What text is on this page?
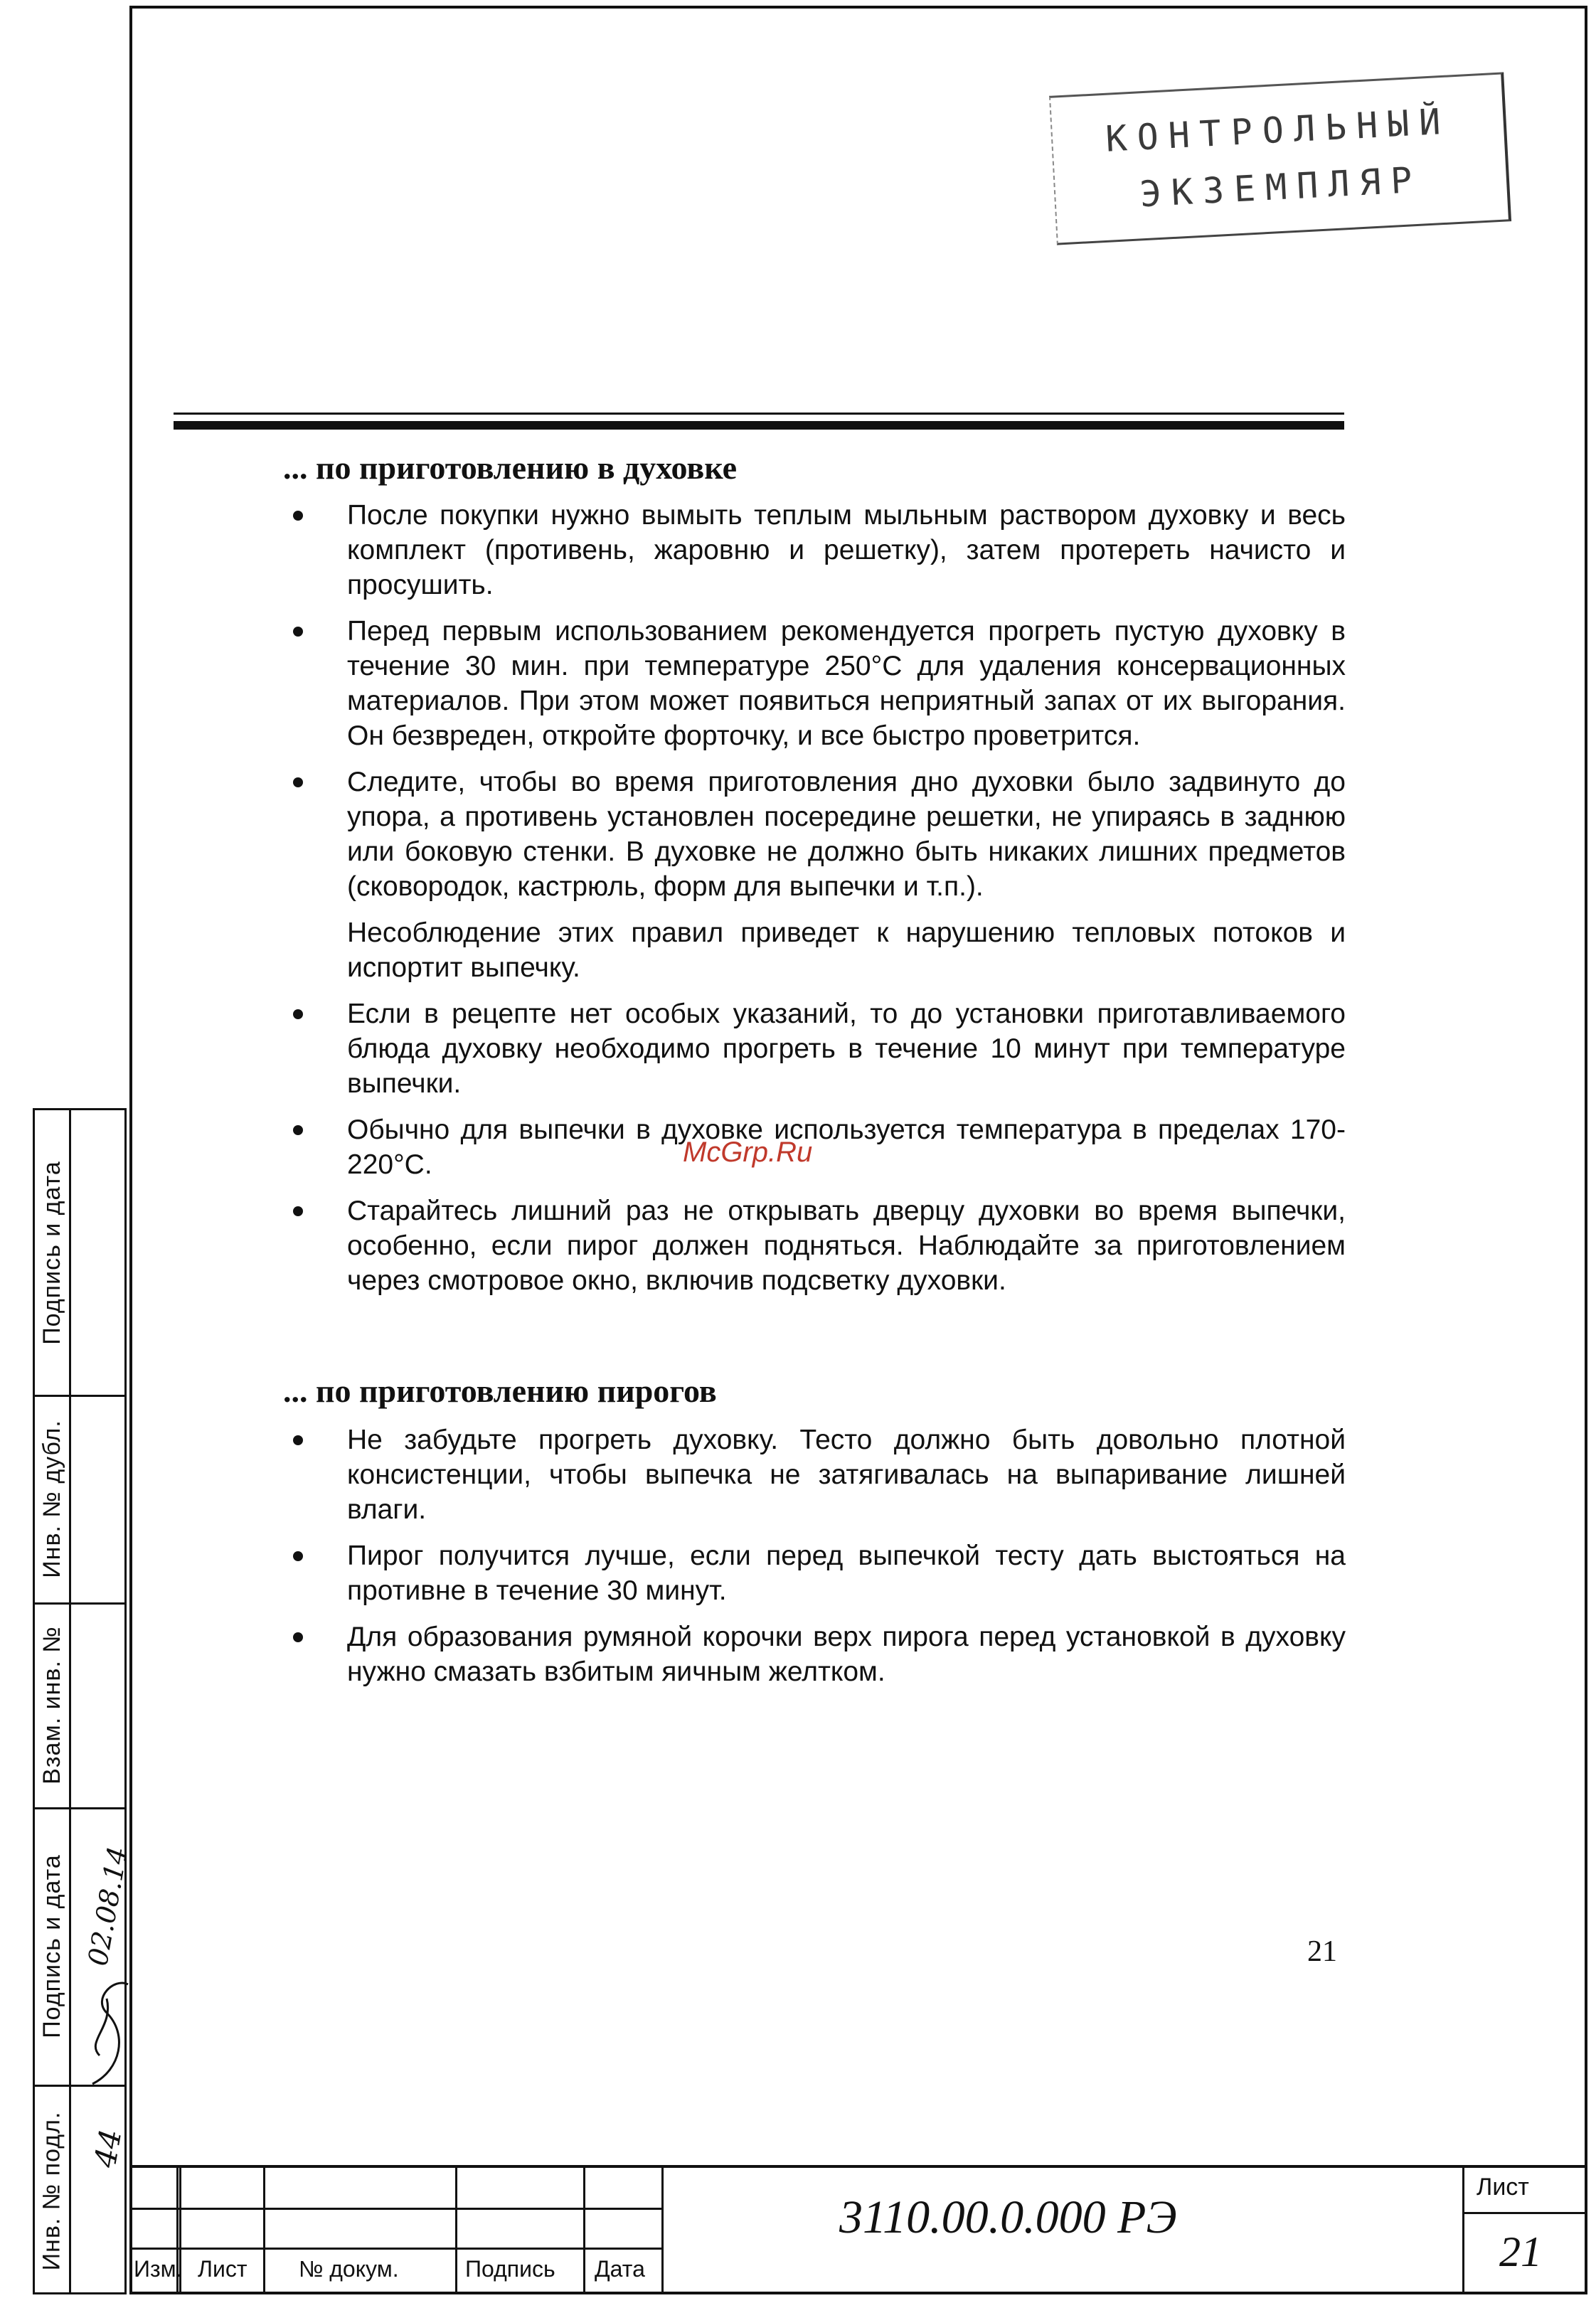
КОНТРОЛЬНЫЙ
ЭКЗЕМПЛЯР
... по приготовлению в духовке
После покупки нужно вымыть теплым мыльным раствором духовку и весь комплект (противень, жаровню и решетку), затем протереть начисто и просушить.
Перед первым использованием рекомендуется прогреть пустую духовку в течение 30 мин. при температуре 250°С для удаления консервационных материалов. При этом может появиться неприятный запах от их выгорания. Он безвреден, откройте форточку, и все быстро проветрится.
Следите, чтобы во время приготовления дно духовки было задвинуто до упора, а противень установлен посередине решетки, не упираясь в заднюю или боковую стенки. В духовке не должно быть никаких лишних предметов (сковородок, кастрюль, форм для выпечки и т.п.).
Несоблюдение этих правил приведет к нарушению тепловых потоков и испортит выпечку.
Если в рецепте нет особых указаний, то до установки приготавливаемого блюда духовку необходимо прогреть в течение 10 минут при температуре выпечки.
Обычно для выпечки в духовке используется температура в пределах 170-220°С.
Старайтесь лишний раз не открывать дверцу духовки во время выпечки, особенно, если пирог должен подняться. Наблюдайте за приготовлением через смотровое окно, включив подсветку духовки.
McGrp.Ru
... по приготовлению пирогов
Не забудьте прогреть духовку. Тесто должно быть довольно плотной консистенции, чтобы выпечка не затягивалась на выпаривание лишней влаги.
Пирог получится лучше, если перед выпечкой тесту дать выстояться на противне в течение 30 минут.
Для образования румяной корочки верх пирога перед установкой в духовку нужно смазать взбитым яичным желтком.
21
Подпись и дата
Инв. № дубл.
Взам. инв. №
Подпись и дата
Инв. № подл.
02.08.14
44
Изм. Лист № докум.	Подпись Дата
3110.00.0.000 РЭ
Лист
21
